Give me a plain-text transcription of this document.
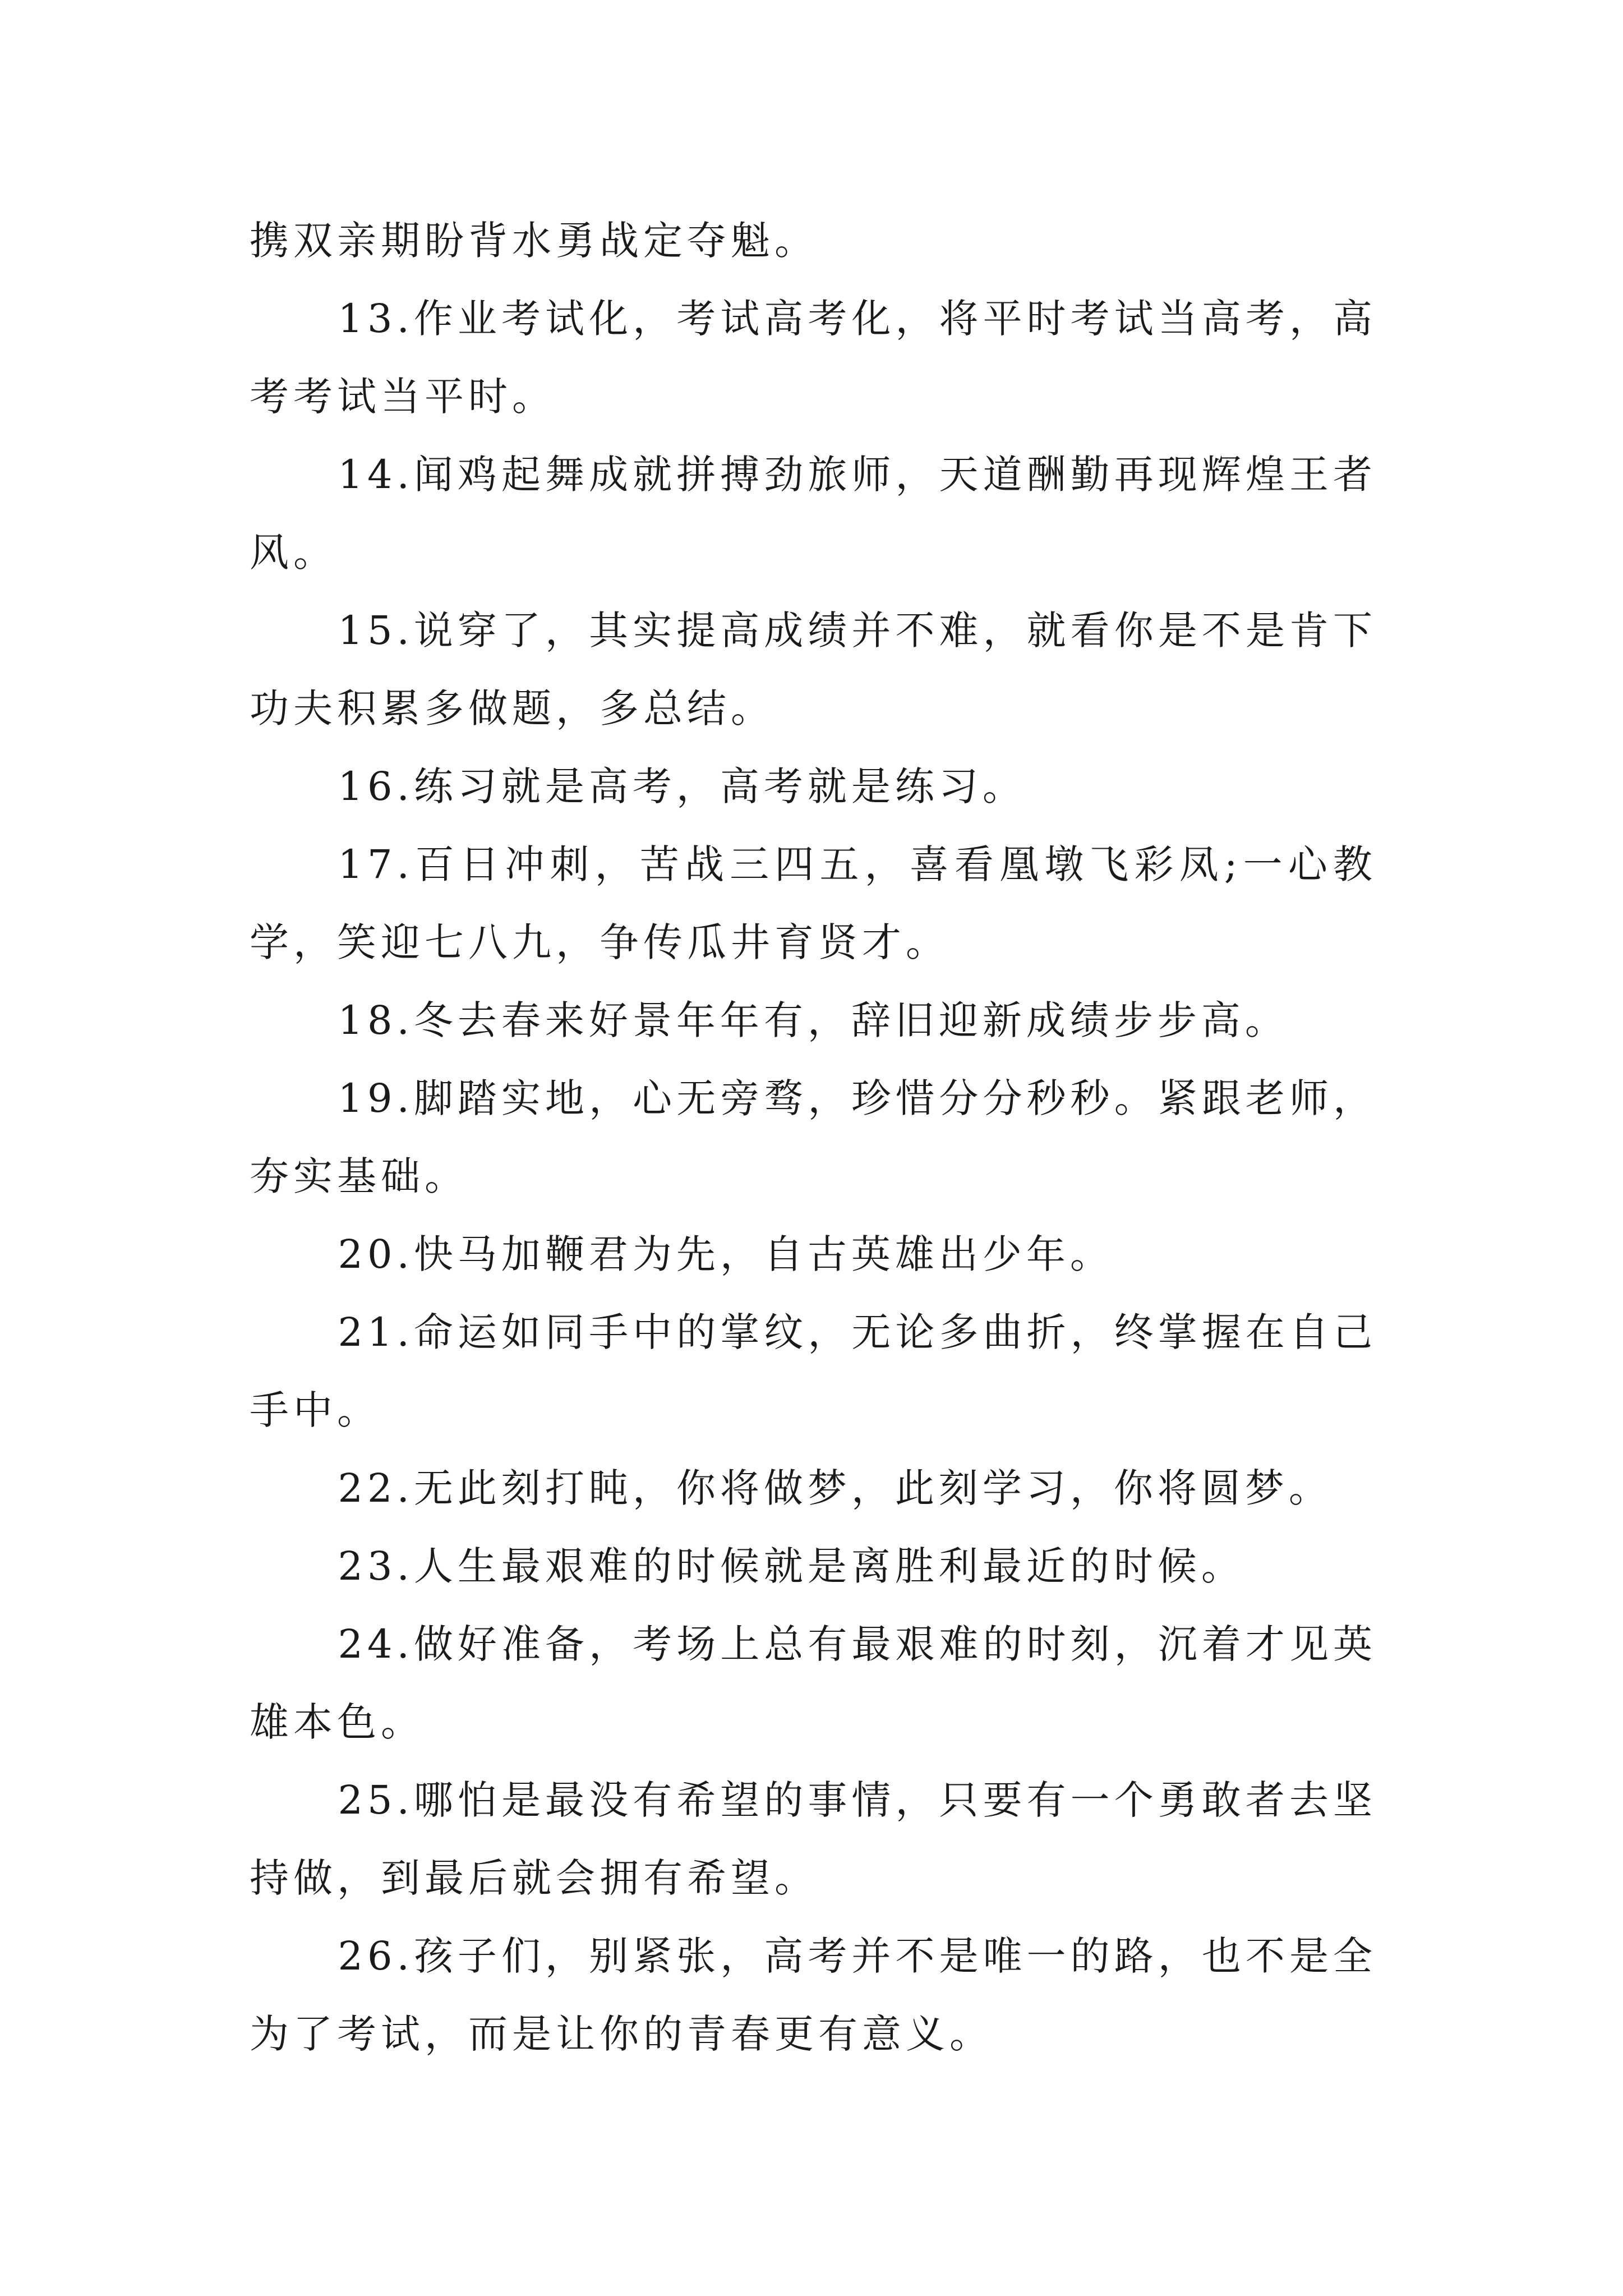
携双亲期盼背水勇战定夺魁。

13.作业考试化，考试高考化，将平时考试当高考，高考考试当平时。

14.闻鸡起舞成就拼搏劲旅师，天道酬勤再现辉煌王者风。

15.说穿了，其实提高成绩并不难，就看你是不是肯下功夫积累多做题，多总结。

16.练习就是高考，高考就是练习。

17.百日冲刺，苦战三四五，喜看凰墩飞彩凤;一心教学，笑迎七八九，争传瓜井育贤才。

18.冬去春来好景年年有，辞旧迎新成绩步步高。

19.脚踏实地，心无旁骛，珍惜分分秒秒。紧跟老师，夯实基础。

20.快马加鞭君为先，自古英雄出少年。

21.命运如同手中的掌纹，无论多曲折，终掌握在自己手中。

22.无此刻打盹，你将做梦，此刻学习，你将圆梦。

23.人生最艰难的时候就是离胜利最近的时候。

24.做好准备，考场上总有最艰难的时刻，沉着才见英雄本色。

25.哪怕是最没有希望的事情，只要有一个勇敢者去坚持做，到最后就会拥有希望。

26.孩子们，别紧张，高考并不是唯一的路，也不是全为了考试，而是让你的青春更有意义。
